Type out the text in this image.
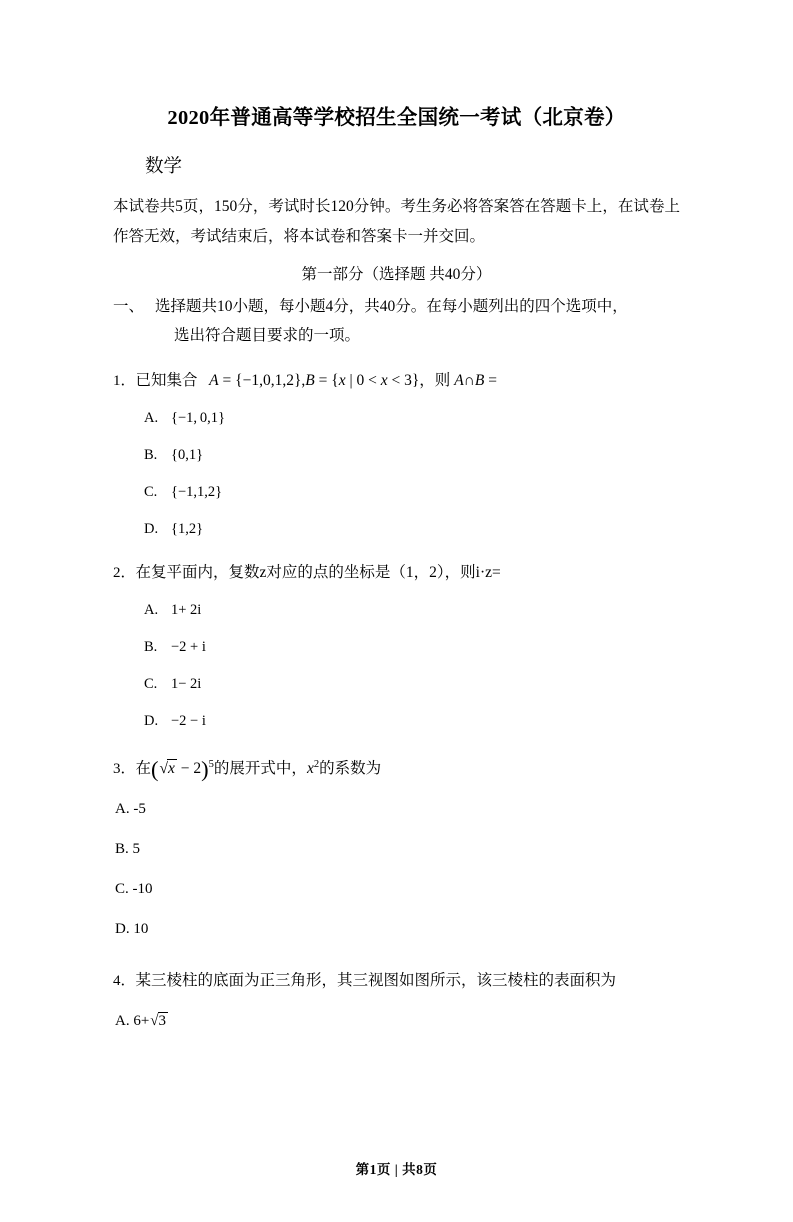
2020年普通高等学校招生全国统一考试（北京卷）
数学
本试卷共5页，150分，考试时长120分钟。考生务必将答案答在答题卡上，在试卷上作答无效，考试结束后，将本试卷和答案卡一并交回。
第一部分（选择题 共40分）
一、 选择题共10小题，每小题4分，共40分。在每小题列出的四个选项中，
选出符合题目要求的一项。
1． 已知集合   A = {−1,0,1,2},B = {x | 0 < x < 3}，则 A∩B =
A. {−1, 0,1}
B. {0,1}
C. {−1,1,2}
D. {1,2}
2． 在复平面内，复数z对应的点的坐标是（1，2），则i·z=
A. 1+ 2i
B. −2 + i
C. 1− 2i
D. −2 − i
3． 在$(√x - 2)^5$的展开式中，$x^2$的系数为
A. -5
B. 5
C. -10
D. 10
4． 某三棱柱的底面为正三角形，其三视图如图所示，该三棱柱的表面积为
A. 6+√3
第1页 | 共8页
